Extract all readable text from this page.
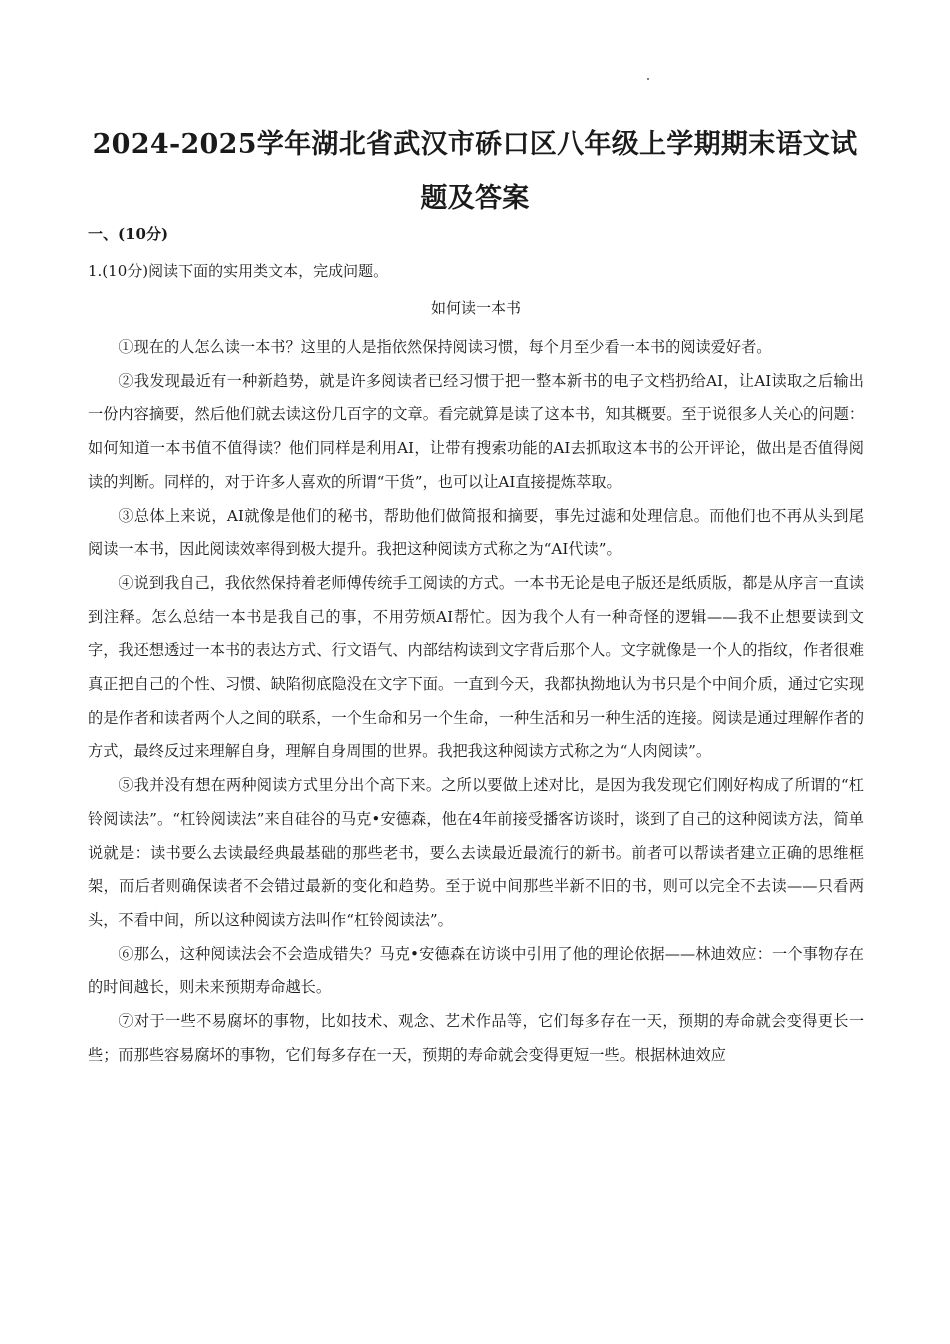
2024-2025学年湖北省武汉市硚口区八年级上学期期末语文试题及答案
一、(10分)
1.(10分)阅读下面的实用类文本，完成问题。
如何读一本书

①现在的人怎么读一本书？这里的人是指依然保持阅读习惯，每个月至少看一本书的阅读爱好者。

②我发现最近有一种新趋势，就是许多阅读者已经习惯于把一整本新书的电子文档扔给AI，让AI读取之后输出一份内容摘要，然后他们就去读这份几百字的文章。看完就算是读了这本书，知其概要。至于说很多人关心的问题：如何知道一本书值不值得读？他们同样是利用AI，让带有搜索功能的AI去抓取这本书的公开评论，做出是否值得阅读的判断。同样的，对于许多人喜欢的所谓“干货”，也可以让AI直接提炼萃取。

③总体上来说，AI就像是他们的秘书，帮助他们做简报和摘要，事先过滤和处理信息。而他们也不再从头到尾阅读一本书，因此阅读效率得到极大提升。我把这种阅读方式称之为“AI代读”。

④说到我自己，我依然保持着老师傅传统手工阅读的方式。一本书无论是电子版还是纸质版，都是从序言一直读到注释。怎么总结一本书是我自己的事，不用劳烦AI帮忙。因为我个人有一种奇怪的逻辑——我不止想要读到文字，我还想透过一本书的表达方式、行文语气、内部结构读到文字背后那个人。文字就像是一个人的指纹，作者很难真正把自己的个性、习惯、缺陷彻底隐没在文字下面。一直到今天，我都执拗地认为书只是个中间介质，通过它实现的是作者和读者两个人之间的联系，一个生命和另一个生命，一种生活和另一种生活的连接。阅读是通过理解作者的方式，最终反过来理解自身，理解自身周围的世界。我把我这种阅读方式称之为“人肉阅读”。

⑤我并没有想在两种阅读方式里分出个高下来。之所以要做上述对比，是因为我发现它们刚好构成了所谓的“杠铃阅读法”。“杠铃阅读法”来自硅谷的马克•安德森，他在4年前接受播客访谈时，谈到了自己的这种阅读方法，简单说就是：读书要么去读最经典最基础的那些老书，要么去读最近最流行的新书。前者可以帮读者建立正确的思维框架，而后者则确保读者不会错过最新的变化和趋势。至于说中间那些半新不旧的书，则可以完全不去读——只看两头，不看中间，所以这种阅读方法叫作“杠铃阅读法”。

⑥那么，这种阅读法会不会造成错失？马克•安德森在访谈中引用了他的理论依据——林迪效应：一个事物存在的时间越长，则未来预期寿命越长。

⑦对于一些不易腐坏的事物，比如技术、观念、艺术作品等，它们每多存在一天，预期的寿命就会变得更长一些；而那些容易腐坏的事物，它们每多存在一天，预期的寿命就会变得更短一些。根据林迪效应
